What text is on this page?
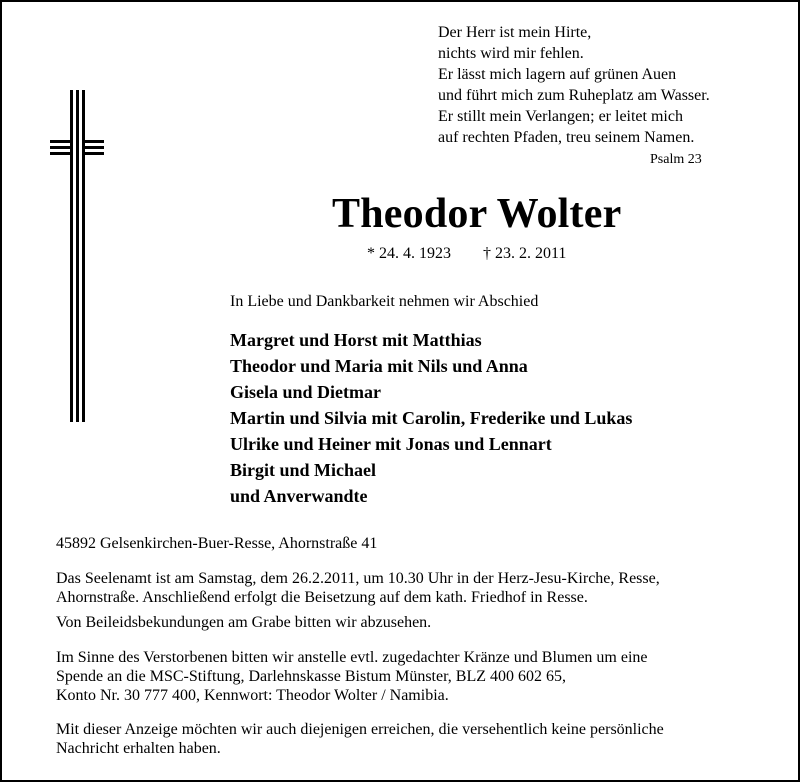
Der Herr ist mein Hirte,
nichts wird mir fehlen.
Er lässt mich lagern auf grünen Auen
und führt mich zum Ruheplatz am Wasser.
Er stillt mein Verlangen; er leitet mich
auf rechten Pfaden, treu seinem Namen.
Psalm 23
Theodor Wolter
* 24. 4. 1923 † 23. 2. 2011
In Liebe und Dankbarkeit nehmen wir Abschied
Margret und Horst mit Matthias
Theodor und Maria mit Nils und Anna
Gisela und Dietmar
Martin und Silvia mit Carolin, Frederike und Lukas
Ulrike und Heiner mit Jonas und Lennart
Birgit und Michael
und Anverwandte
45892 Gelsenkirchen-Buer-Resse, Ahornstraße 41
Das Seelenamt ist am Samstag, dem 26.2.2011, um 10.30 Uhr in der Herz-Jesu-Kirche, Resse,
Ahornstraße. Anschließend erfolgt die Beisetzung auf dem kath. Friedhof in Resse.
Von Beileidsbekundungen am Grabe bitten wir abzusehen.
Im Sinne des Verstorbenen bitten wir anstelle evtl. zugedachter Kränze und Blumen um eine
Spende an die MSC-Stiftung, Darlehnskasse Bistum Münster, BLZ 400 602 65,
Konto Nr. 30 777 400, Kennwort: Theodor Wolter / Namibia.
Mit dieser Anzeige möchten wir auch diejenigen erreichen, die versehentlich keine persönliche
Nachricht erhalten haben.
